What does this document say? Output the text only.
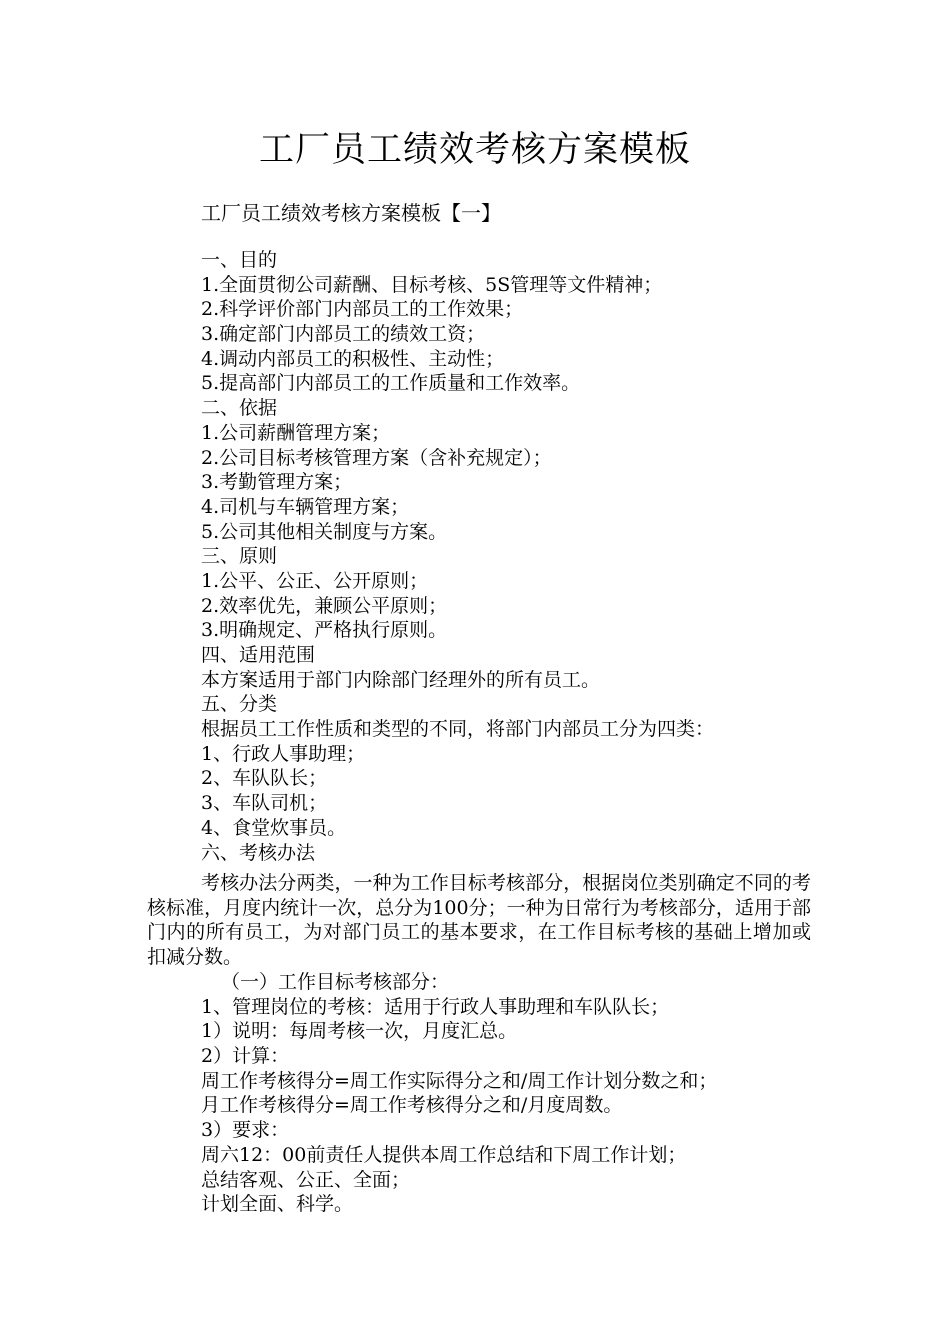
工厂员工绩效考核方案模板
工厂员工绩效考核方案模板【一】
一、目的
1.全面贯彻公司薪酬、目标考核、5S管理等文件精神；
2.科学评价部门内部员工的工作效果；
3.确定部门内部员工的绩效工资；
4.调动内部员工的积极性、主动性；
5.提高部门内部员工的工作质量和工作效率。
二、依据
1.公司薪酬管理方案；
2.公司目标考核管理方案（含补充规定）；
3.考勤管理方案；
4.司机与车辆管理方案；
5.公司其他相关制度与方案。
三、原则
1.公平、公正、公开原则；
2.效率优先，兼顾公平原则；
3.明确规定、严格执行原则。
四、适用范围
本方案适用于部门内除部门经理外的所有员工。
五、分类
根据员工工作性质和类型的不同，将部门内部员工分为四类：
1、行政人事助理；
2、车队队长；
3、车队司机；
4、食堂炊事员。
六、考核办法
考核办法分两类，一种为工作目标考核部分，根据岗位类别确定不同的考核标准，月度内统计一次，总分为100分；一种为日常行为考核部分，适用于部门内的所有员工，为对部门员工的基本要求，在工作目标考核的基础上增加或扣减分数。
（一）工作目标考核部分：
1、管理岗位的考核：适用于行政人事助理和车队队长；
1）说明：每周考核一次，月度汇总。
2）计算：
周工作考核得分=周工作实际得分之和/周工作计划分数之和；
月工作考核得分=周工作考核得分之和/月度周数。
3）要求：
周六12：00前责任人提供本周工作总结和下周工作计划；
总结客观、公正、全面；
计划全面、科学。
